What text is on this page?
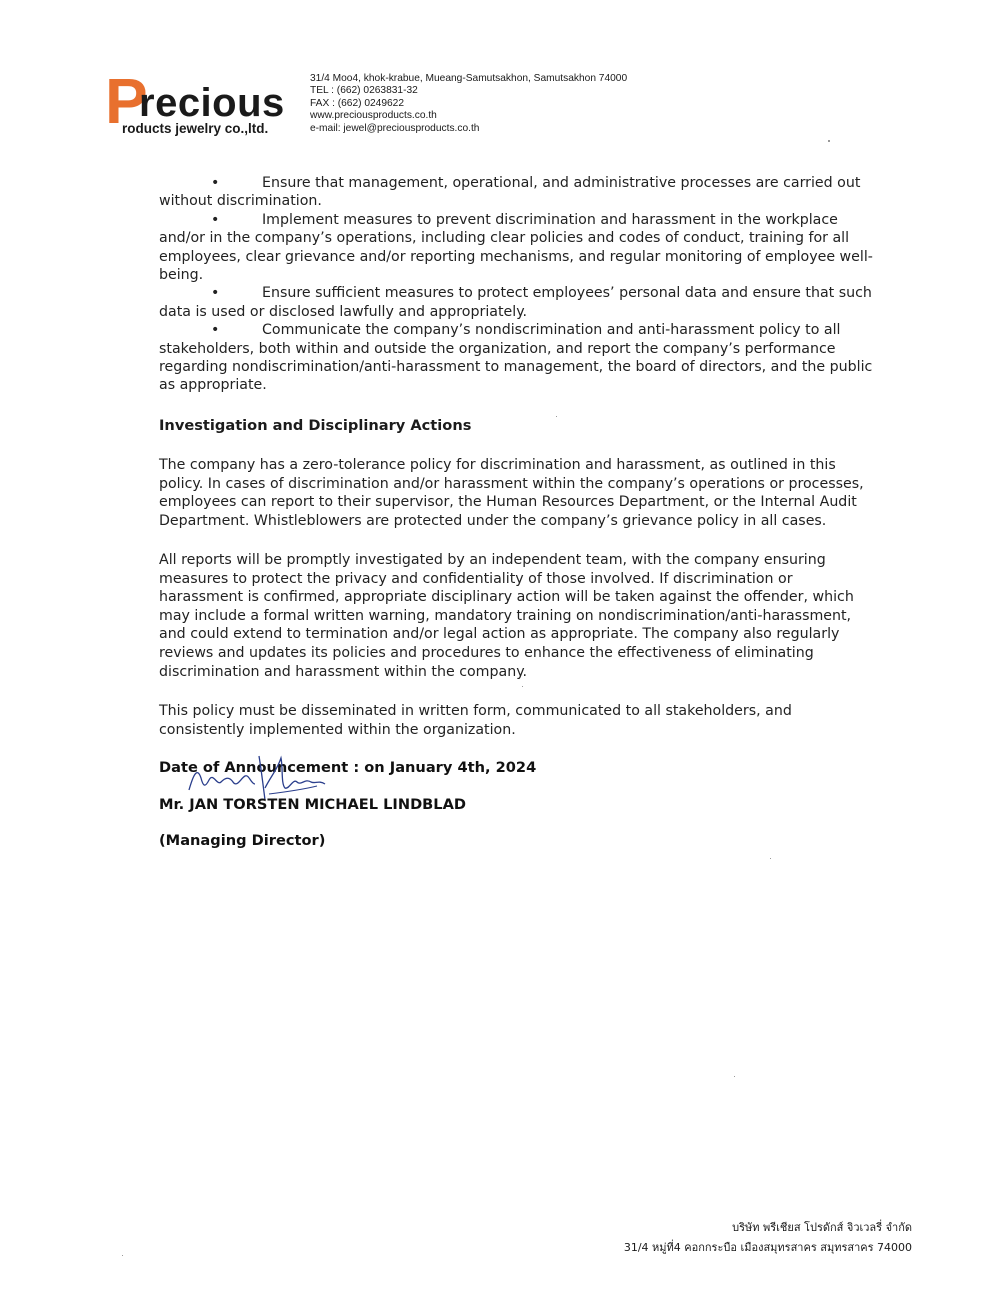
P
recious
roducts jewelry co.,ltd.
31/4 Moo4, khok-krabue, Mueang-Samutsakhon, Samutsakhon 74000
TEL : (662) 0263831-32
FAX : (662) 0249622
www.preciousproducts.co.th
e-mail: jewel@preciousproducts.co.th
•	Ensure that management, operational, and administrative processes are carried out without discrimination.
•	Implement measures to prevent discrimination and harassment in the workplace and/or in the company’s operations, including clear policies and codes of conduct, training for all employees, clear grievance and/or reporting mechanisms, and regular monitoring of employee well-being.
•	Ensure sufficient measures to protect employees’ personal data and ensure that such data is used or disclosed lawfully and appropriately.
•	Communicate the company’s nondiscrimination and anti-harassment policy to all stakeholders, both within and outside the organization, and report the company’s performance regarding nondiscrimination/anti-harassment to management, the board of directors, and the public as appropriate.
Investigation and Disciplinary Actions
The company has a zero-tolerance policy for discrimination and harassment, as outlined in this policy. In cases of discrimination and/or harassment within the company’s operations or processes, employees can report to their supervisor, the Human Resources Department, or the Internal Audit Department. Whistleblowers are protected under the company’s grievance policy in all cases.
All reports will be promptly investigated by an independent team, with the company ensuring measures to protect the privacy and confidentiality of those involved. If discrimination or harassment is confirmed, appropriate disciplinary action will be taken against the offender, which may include a formal written warning, mandatory training on nondiscrimination/anti-harassment, and could extend to termination and/or legal action as appropriate. The company also regularly reviews and updates its policies and procedures to enhance the effectiveness of eliminating discrimination and harassment within the company.
This policy must be disseminated in written form, communicated to all stakeholders, and consistently implemented within the organization.
Date of Announcement : on January 4th, 2024
Mr. JAN TORSTEN MICHAEL LINDBLAD
(Managing Director)
บริษัท พรีเชียส โปรดักส์ จิวเวลรี่ จำกัด
31/4 หมู่ที่4 คอกกระบือ เมืองสมุทรสาคร สมุทรสาคร 74000
